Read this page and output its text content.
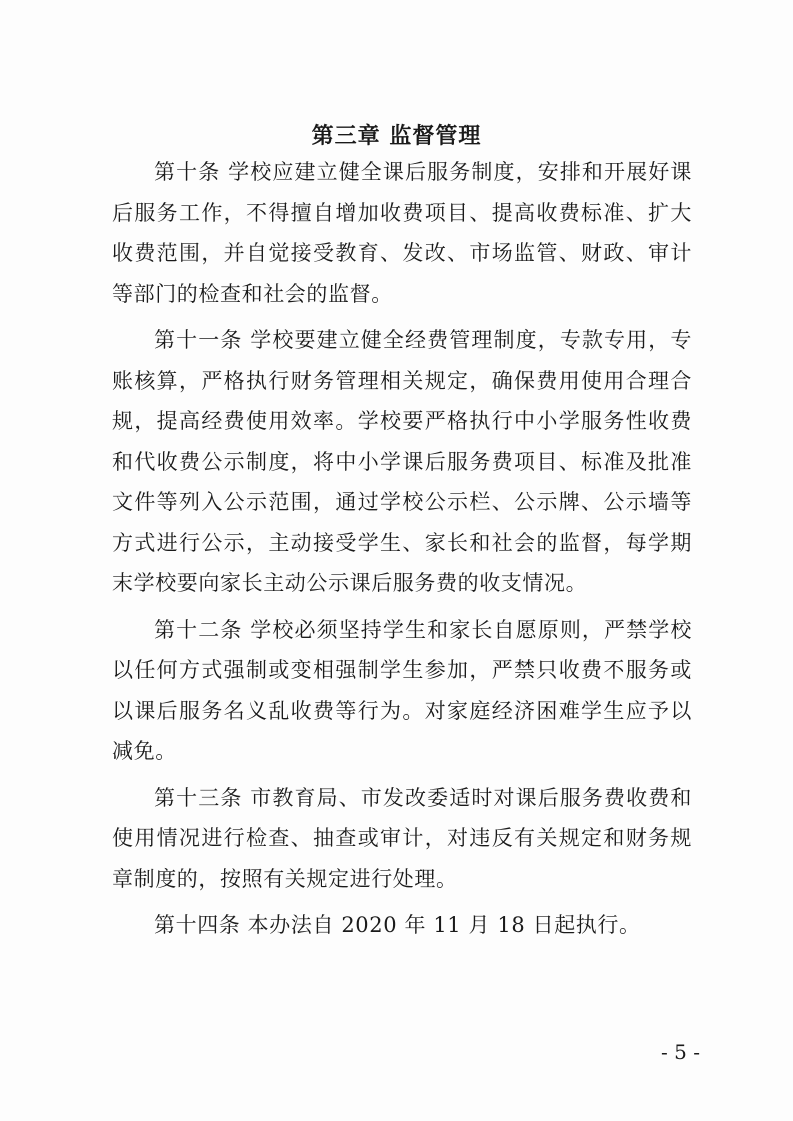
第三章 监督管理

第十条 学校应建立健全课后服务制度，安排和开展好课后服务工作，不得擅自增加收费项目、提高收费标准、扩大收费范围，并自觉接受教育、发改、市场监管、财政、审计等部门的检查和社会的监督。

第十一条 学校要建立健全经费管理制度，专款专用，专账核算，严格执行财务管理相关规定，确保费用使用合理合规，提高经费使用效率。学校要严格执行中小学服务性收费和代收费公示制度，将中小学课后服务费项目、标准及批准文件等列入公示范围，通过学校公示栏、公示牌、公示墙等方式进行公示，主动接受学生、家长和社会的监督，每学期末学校要向家长主动公示课后服务费的收支情况。

第十二条 学校必须坚持学生和家长自愿原则，严禁学校以任何方式强制或变相强制学生参加，严禁只收费不服务或以课后服务名义乱收费等行为。对家庭经济困难学生应予以减免。

第十三条 市教育局、市发改委适时对课后服务费收费和使用情况进行检查、抽查或审计，对违反有关规定和财务规章制度的，按照有关规定进行处理。

第十四条 本办法自 2020 年 11 月 18 日起执行。

- 5 -
